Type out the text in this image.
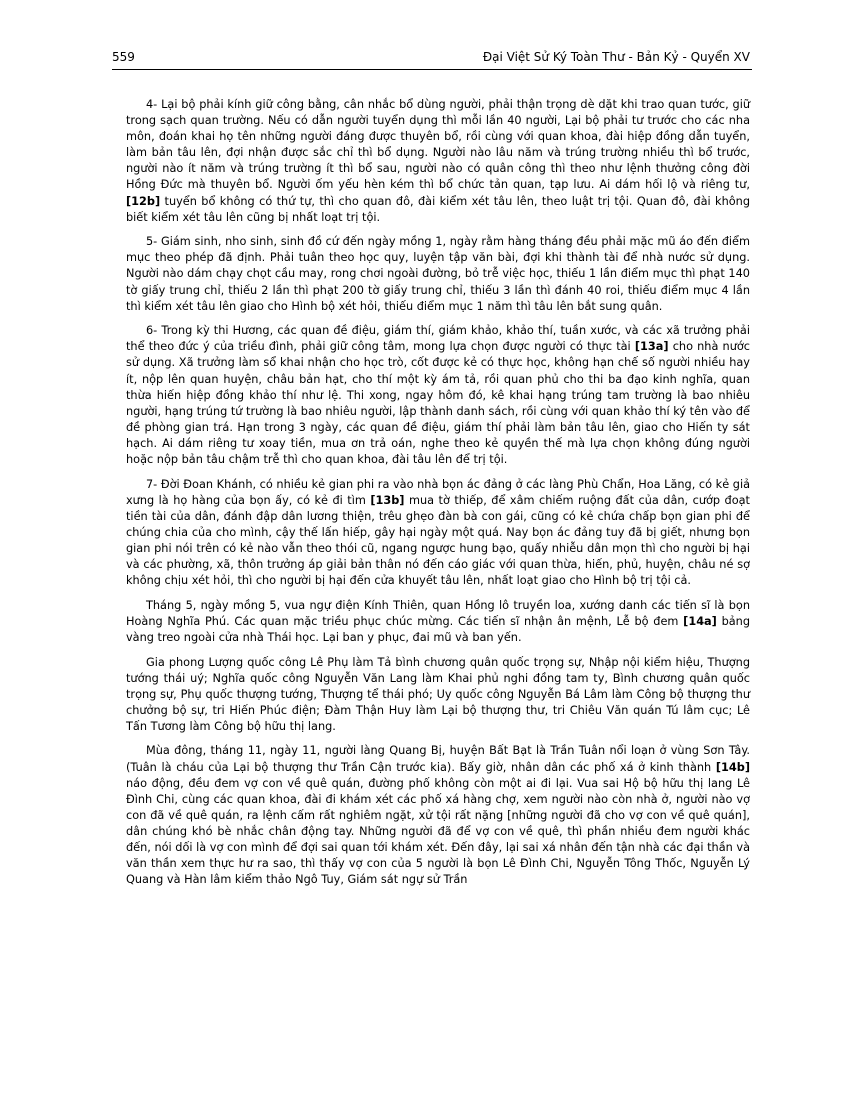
559	Đại Việt Sử Ký Toàn Thư - Bản Kỷ - Quyển XV

4- Lại bộ phải kính giữ công bằng, cân nhắc bổ dùng người, phải thận trọng dè dặt khi trao quan tước, giữ trong sạch quan trường. Nếu có dẫn người tuyển dụng thì mỗi lần 40 người, Lại bộ phải tư trước cho các nha môn, đoán khai họ tên những người đáng được thuyên bổ, rồi cùng với quan khoa, đài hiệp đồng dẫn tuyển, làm bản tâu lên, đợi nhận được sắc chỉ thì bổ dụng. Người nào lâu năm và trúng trường nhiều thì bổ trước, người nào ít năm và trúng trường ít thì bổ sau, người nào có quân công thì theo như lệnh thưởng công đời Hồng Đức mà thuyên bổ. Người ốm yếu hèn kém thì bổ chức tản quan, tạp lưu. Ai dám hối lộ và riêng tư, [12b] tuyển bổ không có thứ tự, thì cho quan đô, đài kiểm xét tâu lên, theo luật trị tội. Quan đô, đài không biết kiểm xét tâu lên cũng bị nhất loạt trị tội.

5- Giám sinh, nho sinh, sinh đồ cứ đến ngày mồng 1, ngày rằm hàng tháng đều phải mặc mũ áo đến điểm mục theo phép đã định. Phải tuân theo học quy, luyện tập văn bài, đợi khi thành tài để nhà nước sử dụng. Người nào dám chạy chọt cầu may, rong chơi ngoài đường, bỏ trễ việc học, thiếu 1 lần điểm mục thì phạt 140 tờ giấy trung chỉ, thiếu 2 lần thì phạt 200 tờ giấy trung chỉ, thiếu 3 lần thì đánh 40 roi, thiếu điểm mục 4 lần thì kiểm xét tâu lên giao cho Hình bộ xét hỏi, thiếu điểm mục 1 năm thì tâu lên bắt sung quân.

6- Trong kỳ thi Hương, các quan đề điệu, giám thí, giám khảo, khảo thí, tuần xước, và các xã trưởng phải thể theo đức ý của triều đình, phải giữ công tâm, mong lựa chọn được người có thực tài [13a] cho nhà nước sử dụng. Xã trưởng làm sổ khai nhận cho học trò, cốt được kẻ có thực học, không hạn chế số người nhiều hay ít, nộp lên quan huyện, châu bản hạt, cho thí một kỳ ám tả, rồi quan phủ cho thi ba đạo kinh nghĩa, quan thừa hiến hiệp đồng khảo thí như lệ. Thi xong, ngay hôm đó, kê khai hạng trúng tam trường là bao nhiêu người, hạng trúng tứ trường là bao nhiêu người, lập thành danh sách, rồi cùng với quan khảo thí ký tên vào để đề phòng gian trá. Hạn trong 3 ngày, các quan đề điệu, giám thí phải làm bản tâu lên, giao cho Hiến ty sát hạch. Ai dám riêng tư xoay tiền, mua ơn trả oán, nghe theo kẻ quyền thế mà lựa chọn không đúng người hoặc nộp bản tâu chậm trễ thì cho quan khoa, đài tâu lên để trị tội.

7- Đời Đoan Khánh, có nhiều kẻ gian phi ra vào nhà bọn ác đảng ở các làng Phù Chẩn, Hoa Lăng, có kẻ giả xưng là họ hàng của bọn ấy, có kẻ đi tìm [13b] mua tờ thiếp, để xâm chiếm ruộng đất của dân, cướp đoạt tiền tài của dân, đánh đập dân lương thiện, trêu ghẹo đàn bà con gái, cũng có kẻ chứa chấp bọn gian phi để chúng chia của cho mình, cậy thế lấn hiếp, gây hại ngày một quá. Nay bọn ác đảng tuy đã bị giết, nhưng bọn gian phi nói trên có kẻ nào vẫn theo thói cũ, ngang ngược hung bạo, quấy nhiễu dân mọn thì cho người bị hại và các phường, xã, thôn trưởng áp giải bản thân nó đến cáo giác với quan thừa, hiến, phủ, huyện, châu né sợ không chịu xét hỏi, thì cho người bị hại đến cửa khuyết tâu lên, nhất loạt giao cho Hình bộ trị tội cả.

Tháng 5, ngày mồng 5, vua ngự điện Kính Thiên, quan Hồng lô truyền loa, xướng danh các tiến sĩ là bọn Hoàng Nghĩa Phú. Các quan mặc triều phục chúc mừng. Các tiến sĩ nhận ân mệnh, Lễ bộ đem [14a] bảng vàng treo ngoài cửa nhà Thái học. Lại ban y phục, đai mũ và ban yến.

Gia phong Lượng quốc công Lê Phụ làm Tả bình chương quân quốc trọng sự, Nhập nội kiểm hiệu, Thượng tướng thái uý; Nghĩa quốc công Nguyễn Văn Lang làm Khai phủ nghi đồng tam ty, Bình chương quân quốc trọng sự, Phụ quốc thượng tướng, Thượng tể thái phó; Uy quốc công Nguyễn Bá Lâm làm Công bộ thượng thư chưởng bộ sự, tri Hiến Phúc điện; Đàm Thận Huy làm Lại bộ thượng thư, tri Chiêu Văn quán Tú lâm cục; Lê Tấn Tương làm Công bộ hữu thị lang.

Mùa đông, tháng 11, ngày 11, người làng Quang Bị, huyện Bất Bạt là Trần Tuân nổi loạn ở vùng Sơn Tây. (Tuân là cháu của Lại bộ thượng thư Trần Cận trước kia). Bấy giờ, nhân dân các phố xá ở kinh thành [14b] náo động, đều đem vợ con về quê quán, đường phố không còn một ai đi lại. Vua sai Hộ bộ hữu thị lang Lê Đình Chi, cùng các quan khoa, đài đi khám xét các phố xá hàng chợ, xem người nào còn nhà ở, người nào vợ con đã về quê quán, ra lệnh cấm rất nghiêm ngặt, xử tội rất nặng [những người đã cho vợ con về quê quán], dân chúng khó bè nhắc chân động tay. Những người đã để vợ con về quê, thì phần nhiều đem người khác đến, nói dối là vợ con mình để đợi sai quan tới khám xét. Đến đây, lại sai xá nhân đến tận nhà các đại thần và văn thần xem thực hư ra sao, thì thấy vợ con của 5 người là bọn Lê Đình Chi, Nguyễn Tông Thốc, Nguyễn Lý Quang và Hàn lâm kiểm thảo Ngô Tuy, Giám sát ngự sử Trần
